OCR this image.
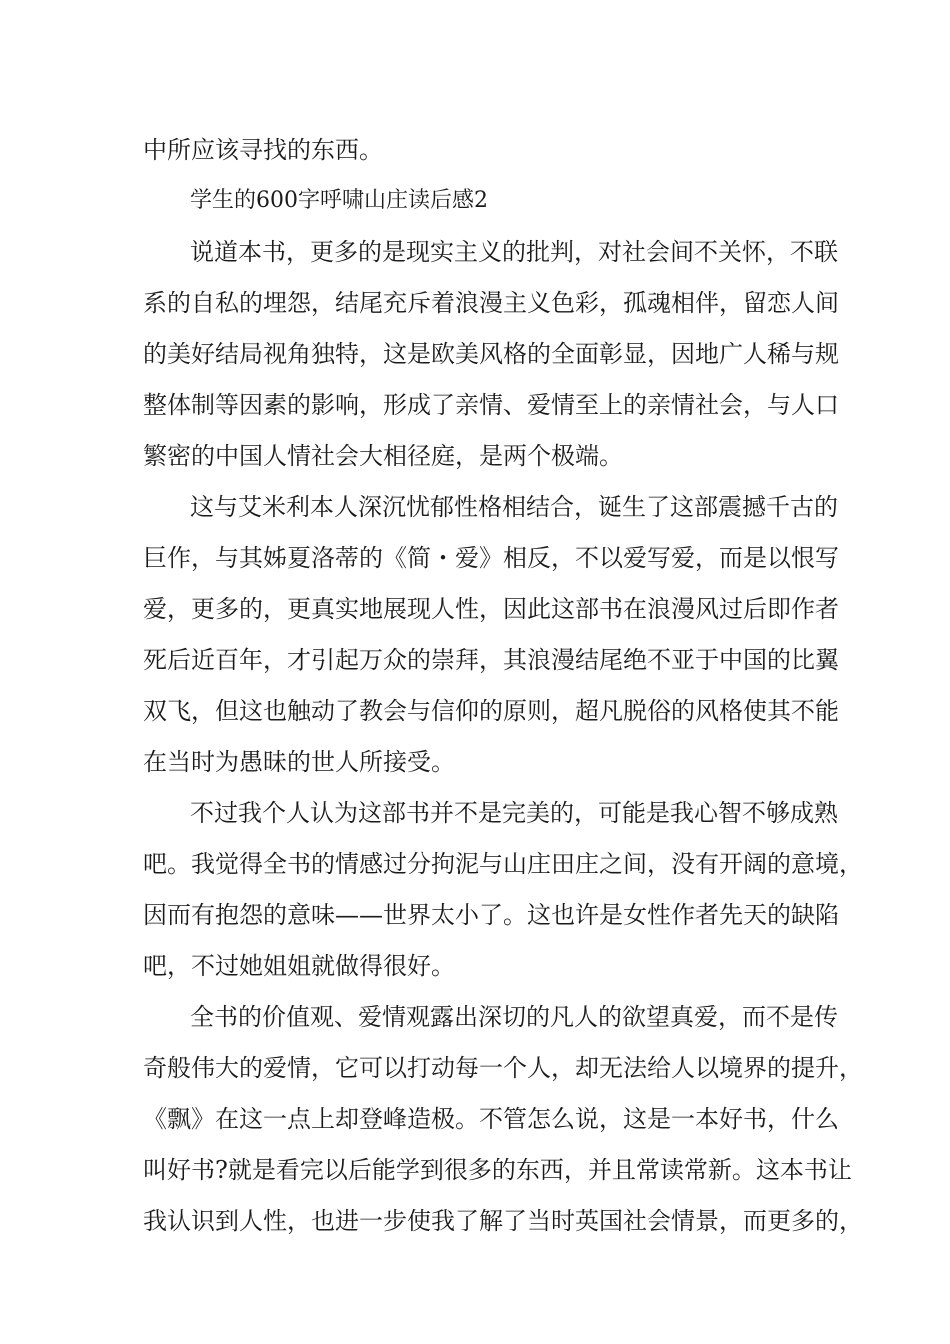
中所应该寻找的东西。
学生的600字呼啸山庄读后感2
说道本书，更多的是现实主义的批判，对社会间不关怀，不联
系的自私的埋怨，结尾充斥着浪漫主义色彩，孤魂相伴，留恋人间
的美好结局视角独特，这是欧美风格的全面彰显，因地广人稀与规
整体制等因素的影响，形成了亲情、爱情至上的亲情社会，与人口
繁密的中国人情社会大相径庭，是两个极端。
这与艾米利本人深沉忧郁性格相结合，诞生了这部震撼千古的
巨作，与其姊夏洛蒂的《简・爱》相反，不以爱写爱，而是以恨写
爱，更多的，更真实地展现人性，因此这部书在浪漫风过后即作者
死后近百年，才引起万众的崇拜，其浪漫结尾绝不亚于中国的比翼
双飞，但这也触动了教会与信仰的原则，超凡脱俗的风格使其不能
在当时为愚昧的世人所接受。
不过我个人认为这部书并不是完美的，可能是我心智不够成熟
吧。我觉得全书的情感过分拘泥与山庄田庄之间，没有开阔的意境，
因而有抱怨的意味——世界太小了。这也许是女性作者先天的缺陷
吧，不过她姐姐就做得很好。
全书的价值观、爱情观露出深切的凡人的欲望真爱，而不是传
奇般伟大的爱情，它可以打动每一个人，却无法给人以境界的提升，
《飘》在这一点上却登峰造极。不管怎么说，这是一本好书，什么
叫好书?就是看完以后能学到很多的东西，并且常读常新。这本书让
我认识到人性，也进一步使我了解了当时英国社会情景，而更多的，
